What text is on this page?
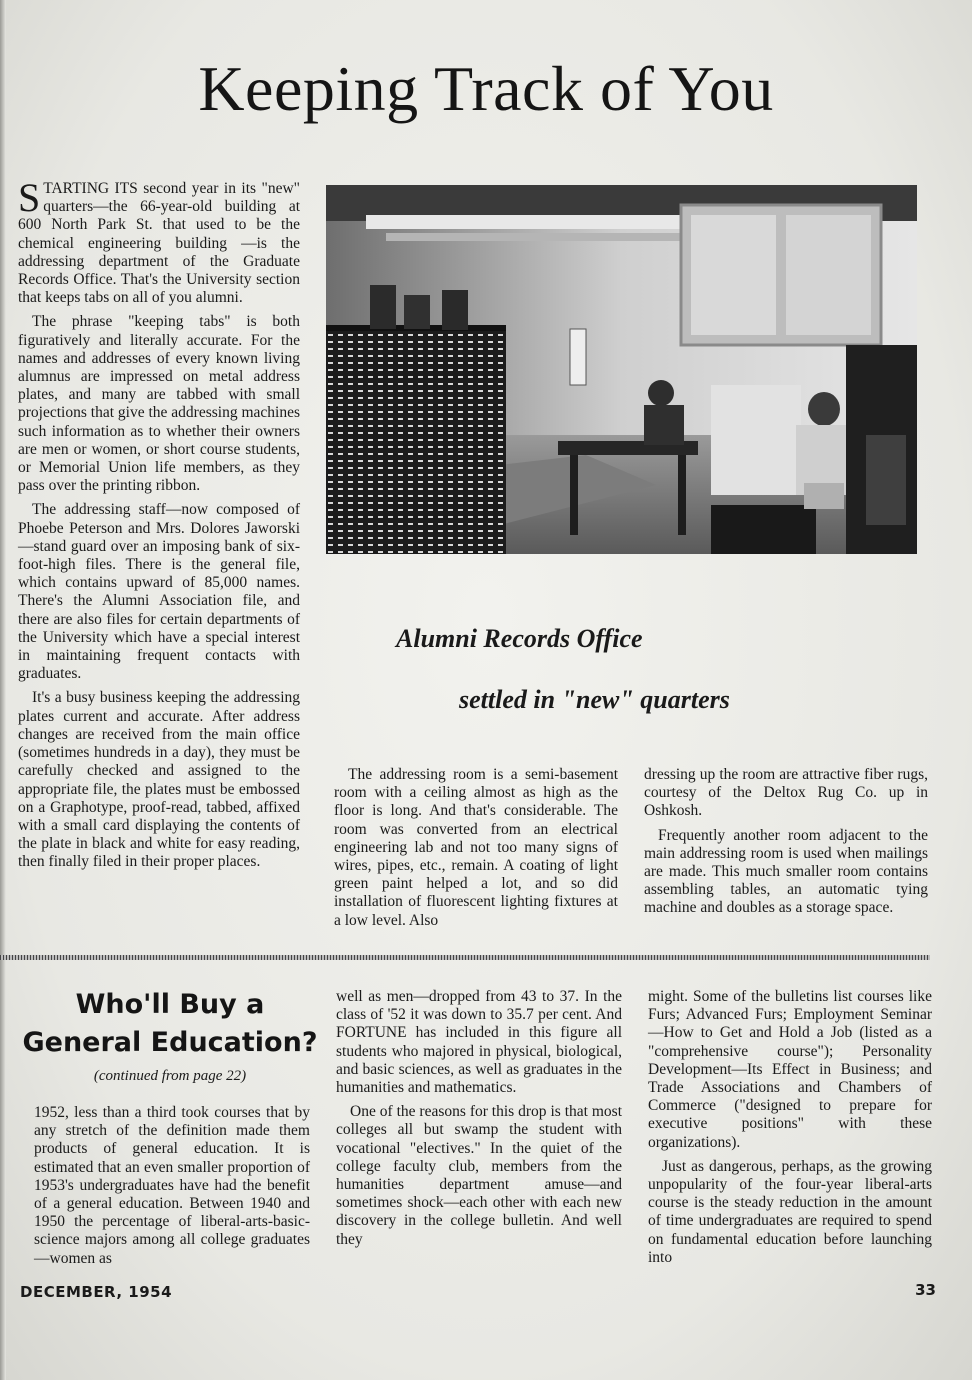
Keeping Track of You

STARTING ITS second year in its "new" quarters—the 66-year-old building at 600 North Park St. that used to be the chemical engineering building —is the addressing department of the Graduate Records Office. That's the University section that keeps tabs on all of you alumni.

The phrase "keeping tabs" is both figuratively and literally accurate. For the names and addresses of every known living alumnus are impressed on metal address plates, and many are tabbed with small projections that give the addressing machines such information as to whether their owners are men or women, or short course students, or Memorial Union life members, as they pass over the printing ribbon.

The addressing staff—now composed of Phoebe Peterson and Mrs. Dolores Jaworski—stand guard over an imposing bank of six-foot-high files. There is the general file, which contains upward of 85,000 names. There's the Alumni Association file, and there are also files for certain departments of the University which have a special interest in maintaining frequent contacts with graduates.

It's a busy business keeping the addressing plates current and accurate. After address changes are received from the main office (sometimes hundreds in a day), they must be carefully checked and assigned to the appropriate file, the plates must be embossed on a Graphotype, proof-read, tabbed, affixed with a small card displaying the contents of the plate in black and white for easy reading, then finally filed in their proper places.

Alumni Records Office
settled in "new" quarters

The addressing room is a semi-basement room with a ceiling almost as high as the floor is long. And that's considerable. The room was converted from an electrical engineering lab and not too many signs of wires, pipes, etc., remain. A coating of light green paint helped a lot, and so did installation of fluorescent lighting fixtures at a low level. Also

dressing up the room are attractive fiber rugs, courtesy of the Deltox Rug Co. up in Oshkosh.

Frequently another room adjacent to the main addressing room is used when mailings are made. This much smaller room contains assembling tables, an automatic tying machine and doubles as a storage space.

Who'll Buy a
General Education?
(continued from page 22)

1952, less than a third took courses that by any stretch of the definition made them products of general education. It is estimated that an even smaller proportion of 1953's undergraduates have had the benefit of a general education. Between 1940 and 1950 the percentage of liberal-arts-basic-science majors among all college graduates—women as

well as men—dropped from 43 to 37. In the class of '52 it was down to 35.7 per cent. And FORTUNE has included in this figure all students who majored in physical, biological, and basic sciences, as well as graduates in the humanities and mathematics.

One of the reasons for this drop is that most colleges all but swamp the student with vocational "electives." In the quiet of the college faculty club, members from the humanities department amuse—and sometimes shock—each other with each new discovery in the college bulletin. And well they

might. Some of the bulletins list courses like Furs; Advanced Furs; Employment Seminar—How to Get and Hold a Job (listed as a "comprehensive course"); Personality Development—Its Effect in Business; and Trade Associations and Chambers of Commerce ("designed to prepare for executive positions" with these organizations).

Just as dangerous, perhaps, as the growing unpopularity of the four-year liberal-arts course is the steady reduction in the amount of time undergraduates are required to spend on fundamental education before launching into

DECEMBER, 1954	33
